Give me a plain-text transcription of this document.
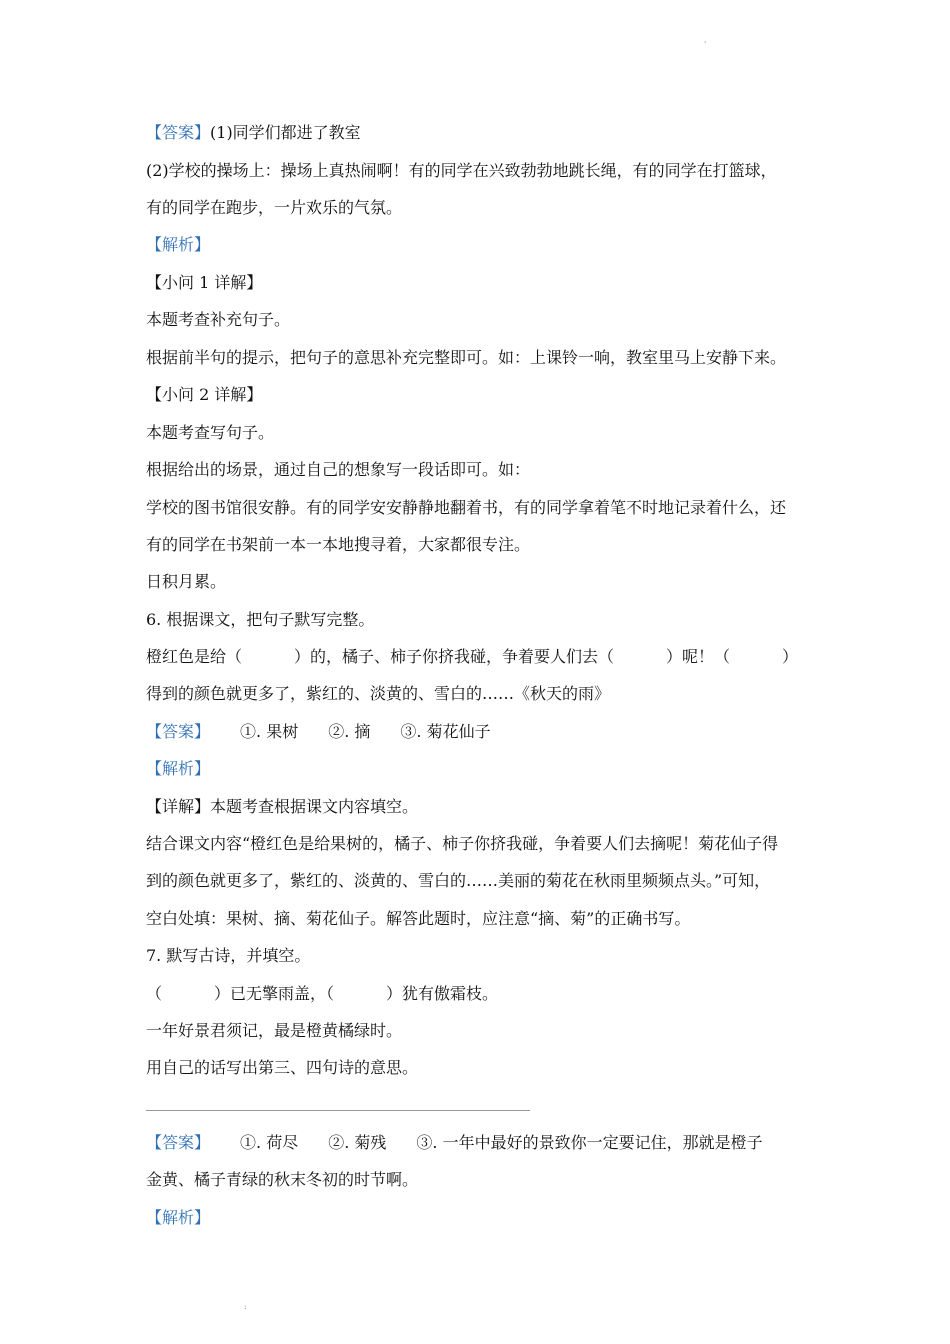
'
【答案】(1)同学们都进了教室
(2)学校的操场上：操场上真热闹啊！有的同学在兴致勃勃地跳长绳，有的同学在打篮球，
有的同学在跑步，一片欢乐的气氛。
【解析】
【小问 1 详解】
本题考查补充句子。
根据前半句的提示，把句子的意思补充完整即可。如：上课铃一响，教室里马上安静下来。
【小问 2 详解】
本题考查写句子。
根据给出的场景，通过自己的想象写一段话即可。如：
学校的图书馆很安静。有的同学安安静静地翻着书，有的同学拿着笔不时地记录着什么，还
有的同学在书架前一本一本地搜寻着，大家都很专注。
日积月累。
6. 根据课文，把句子默写完整。
橙红色是给（	）的，橘子、柿子你挤我碰，争着要人们去（	）呢！（	）
得到的颜色就更多了，紫红的、淡黄的、雪白的……《秋天的雨》
【答案】 ①. 果树 ②. 摘 ③. 菊花仙子
【解析】
【详解】本题考查根据课文内容填空。
结合课文内容“橙红色是给果树的，橘子、柿子你挤我碰，争着要人们去摘呢！菊花仙子得
到的颜色就更多了，紫红的、淡黄的、雪白的……美丽的菊花在秋雨里频频点头。”可知，
空白处填：果树、摘、菊花仙子。解答此题时，应注意“摘、菊”的正确书写。
7. 默写古诗，并填空。
（	）已无擎雨盖，（	）犹有傲霜枝。
一年好景君须记，最是橙黄橘绿时。
用自己的话写出第三、四句诗的意思。
【答案】 ①. 荷尽 ②. 菊残 ③. 一年中最好的景致你一定要记住，那就是橙子
金黄、橘子青绿的秋末冬初的时节啊。
【解析】
:
